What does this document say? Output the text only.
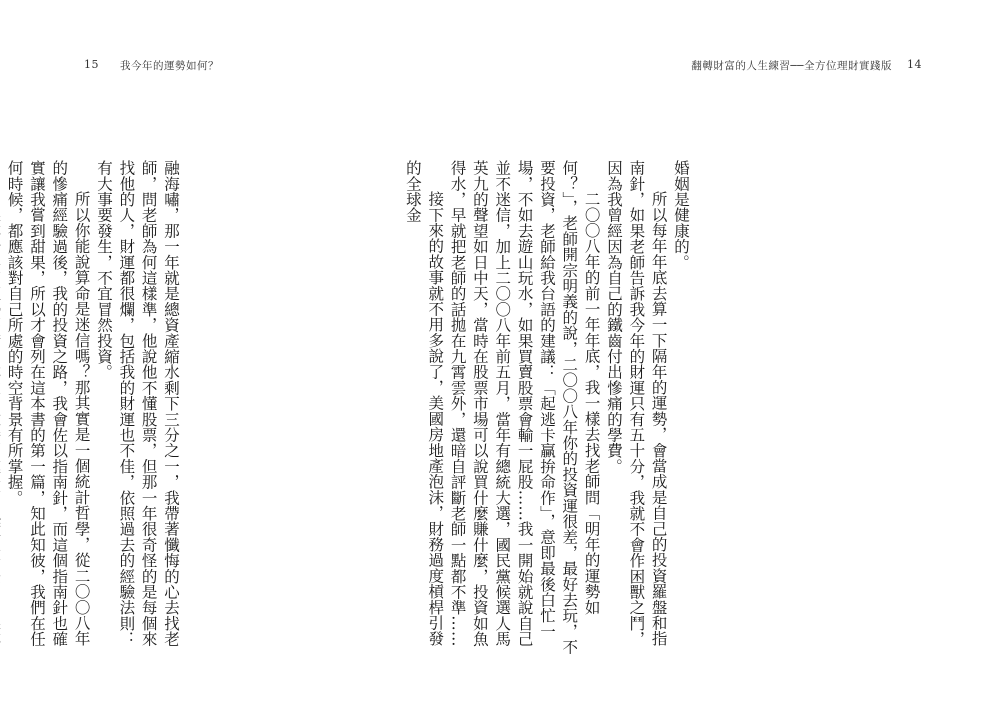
15 我今年的運勢如何？

融海嘯，那一年就是總資產縮水剩下三分之一，我帶著懺悔的心去找老師，問老師為何這樣準，他說他不懂股票，但那一年很奇怪的是每個來找他的人，財運都很爛，包括我的財運也不佳，依照過去的經驗法則：有大事要發生，不宜冒然投資。

所以你能說算命是迷信嗎？那其實是一個統計哲學，從二〇〇八年的慘痛經驗過後，我的投資之路，我會佐以指南針，而這個指南針也確實讓我嘗到甜果，所以才會列在這本書的第一篇，知此知彼，我們在任何時候，都應該對自己所處的時空背景有所掌握。

翻轉財富的人生練習──全方位理財實踐版 14

婚姻是健康的。

所以每年年底去算一下隔年的運勢，會當成是自己的投資羅盤和指南針，如果老師告訴我今年的財運只有五十分，我就不會作困獸之鬥，因為我曾經因為自己的鐵齒付出慘痛的學費。

二〇〇八年的前一年年底，我一樣去找老師問「明年的運勢如何？」，老師開宗明義的說，二〇〇八年你的投資運很差，最好去玩，不要投資，老師給我台語的建議：「起逃卡贏拚命作」，意即最後白忙一場，不如去遊山玩水，如果買賣股票會輸一屁股……我一開始就說自己並不迷信，加上二〇〇八年前五月，當年有總統大選，國民黨候選人馬英九的聲望如日中天，當時在股票市場可以說買什麼賺什麼，投資如魚得水，早就把老師的話拋在九霄雲外，還暗自評斷老師一點都不準……

接下來的故事就不用多說了，美國房地產泡沫，財務過度槓桿引發的全球金
